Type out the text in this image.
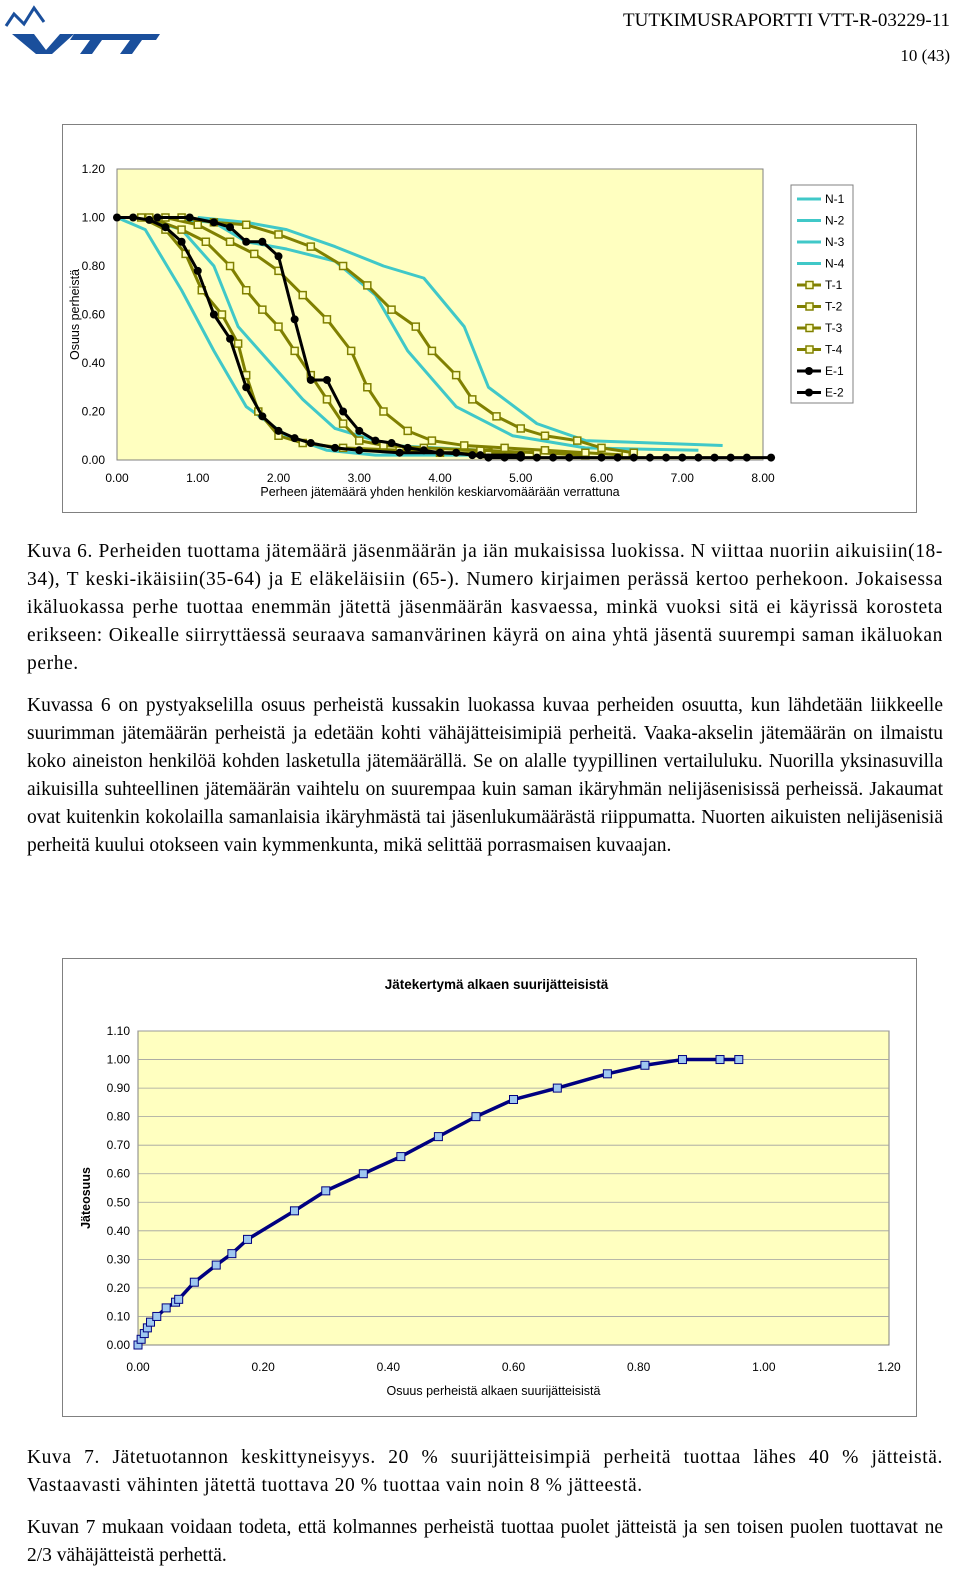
TUTKIMUSRAPORTTI VTT-R-03229-11
10 (43)
0.00
0.20
0.40
0.60
0.80
1.00
1.20
0.00	1.00	2.00	3.00	4.00	5.00	6.00	7.00	8.00
Perheen jätemäärä yhden henkilön keskiarvomäärään verrattuna
Osuus perheistä
N-1
N-2
N-3
N-4
T-1
T-2
T-3
T-4
E-1
E-2
Kuva 6. Perheiden tuottama jätemäärä jäsenmäärän ja iän mukaisissa luokissa. N viittaa nuoriin aikuisiin(18-34), T keski-ikäisiin(35-64) ja E eläkeläisiin (65-). Numero kirjaimen perässä kertoo perhekoon. Jokaisessa ikäluokassa perhe tuottaa enemmän jätettä jäsenmäärän kasvaessa, minkä vuoksi sitä ei käyrissä korosteta erikseen: Oikealle siirryttäessä seuraava samanvärinen käyrä on aina yhtä jäsentä suurempi saman ikäluokan perhe.
Kuvassa 6 on pystyakselilla osuus perheistä kussakin luokassa kuvaa perheiden osuutta, kun lähdetään liikkeelle suurimman jätemäärän perheistä ja edetään kohti vähäjätteisimipiä perheitä. Vaaka-akselin jätemäärän on ilmaistu koko aineiston henkilöä kohden lasketulla jätemäärällä. Se on alalle tyypillinen vertailuluku. Nuorilla yksinasuvilla aikuisilla suhteellinen jätemäärän vaihtelu on suurempaa kuin saman ikäryhmän nelijäsenisissä perheissä. Jakaumat ovat kuitenkin kokolailla samanlaisia ikäryhmästä tai jäsenlukumäärästä riippumatta. Nuorten aikuisten nelijäsenisiä perheitä kuului otokseen vain kymmenkunta, mikä selittää porrasmaisen kuvaajan.
0.00
0.10
0.20
0.30
0.40
0.50
0.60
0.70
0.80
0.90
1.00
1.10
0.00	0.20	0.40	0.60	0.80	1.00	1.20
Jätekertymä alkaen suurijätteisistä
Osuus perheistä alkaen suurijätteisistä
Jäteosuus
Kuva 7. Jätetuotannon keskittyneisyys. 20 % suurijätteisimpiä perheitä tuottaa lähes 40 % jätteistä. Vastaavasti vähinten jätettä tuottava 20 % tuottaa vain noin 8 % jätteestä.
Kuvan 7 mukaan voidaan todeta, että kolmannes perheistä tuottaa puolet jätteistä ja sen toisen puolen tuottavat ne 2/3 vähäjätteistä perhettä.
